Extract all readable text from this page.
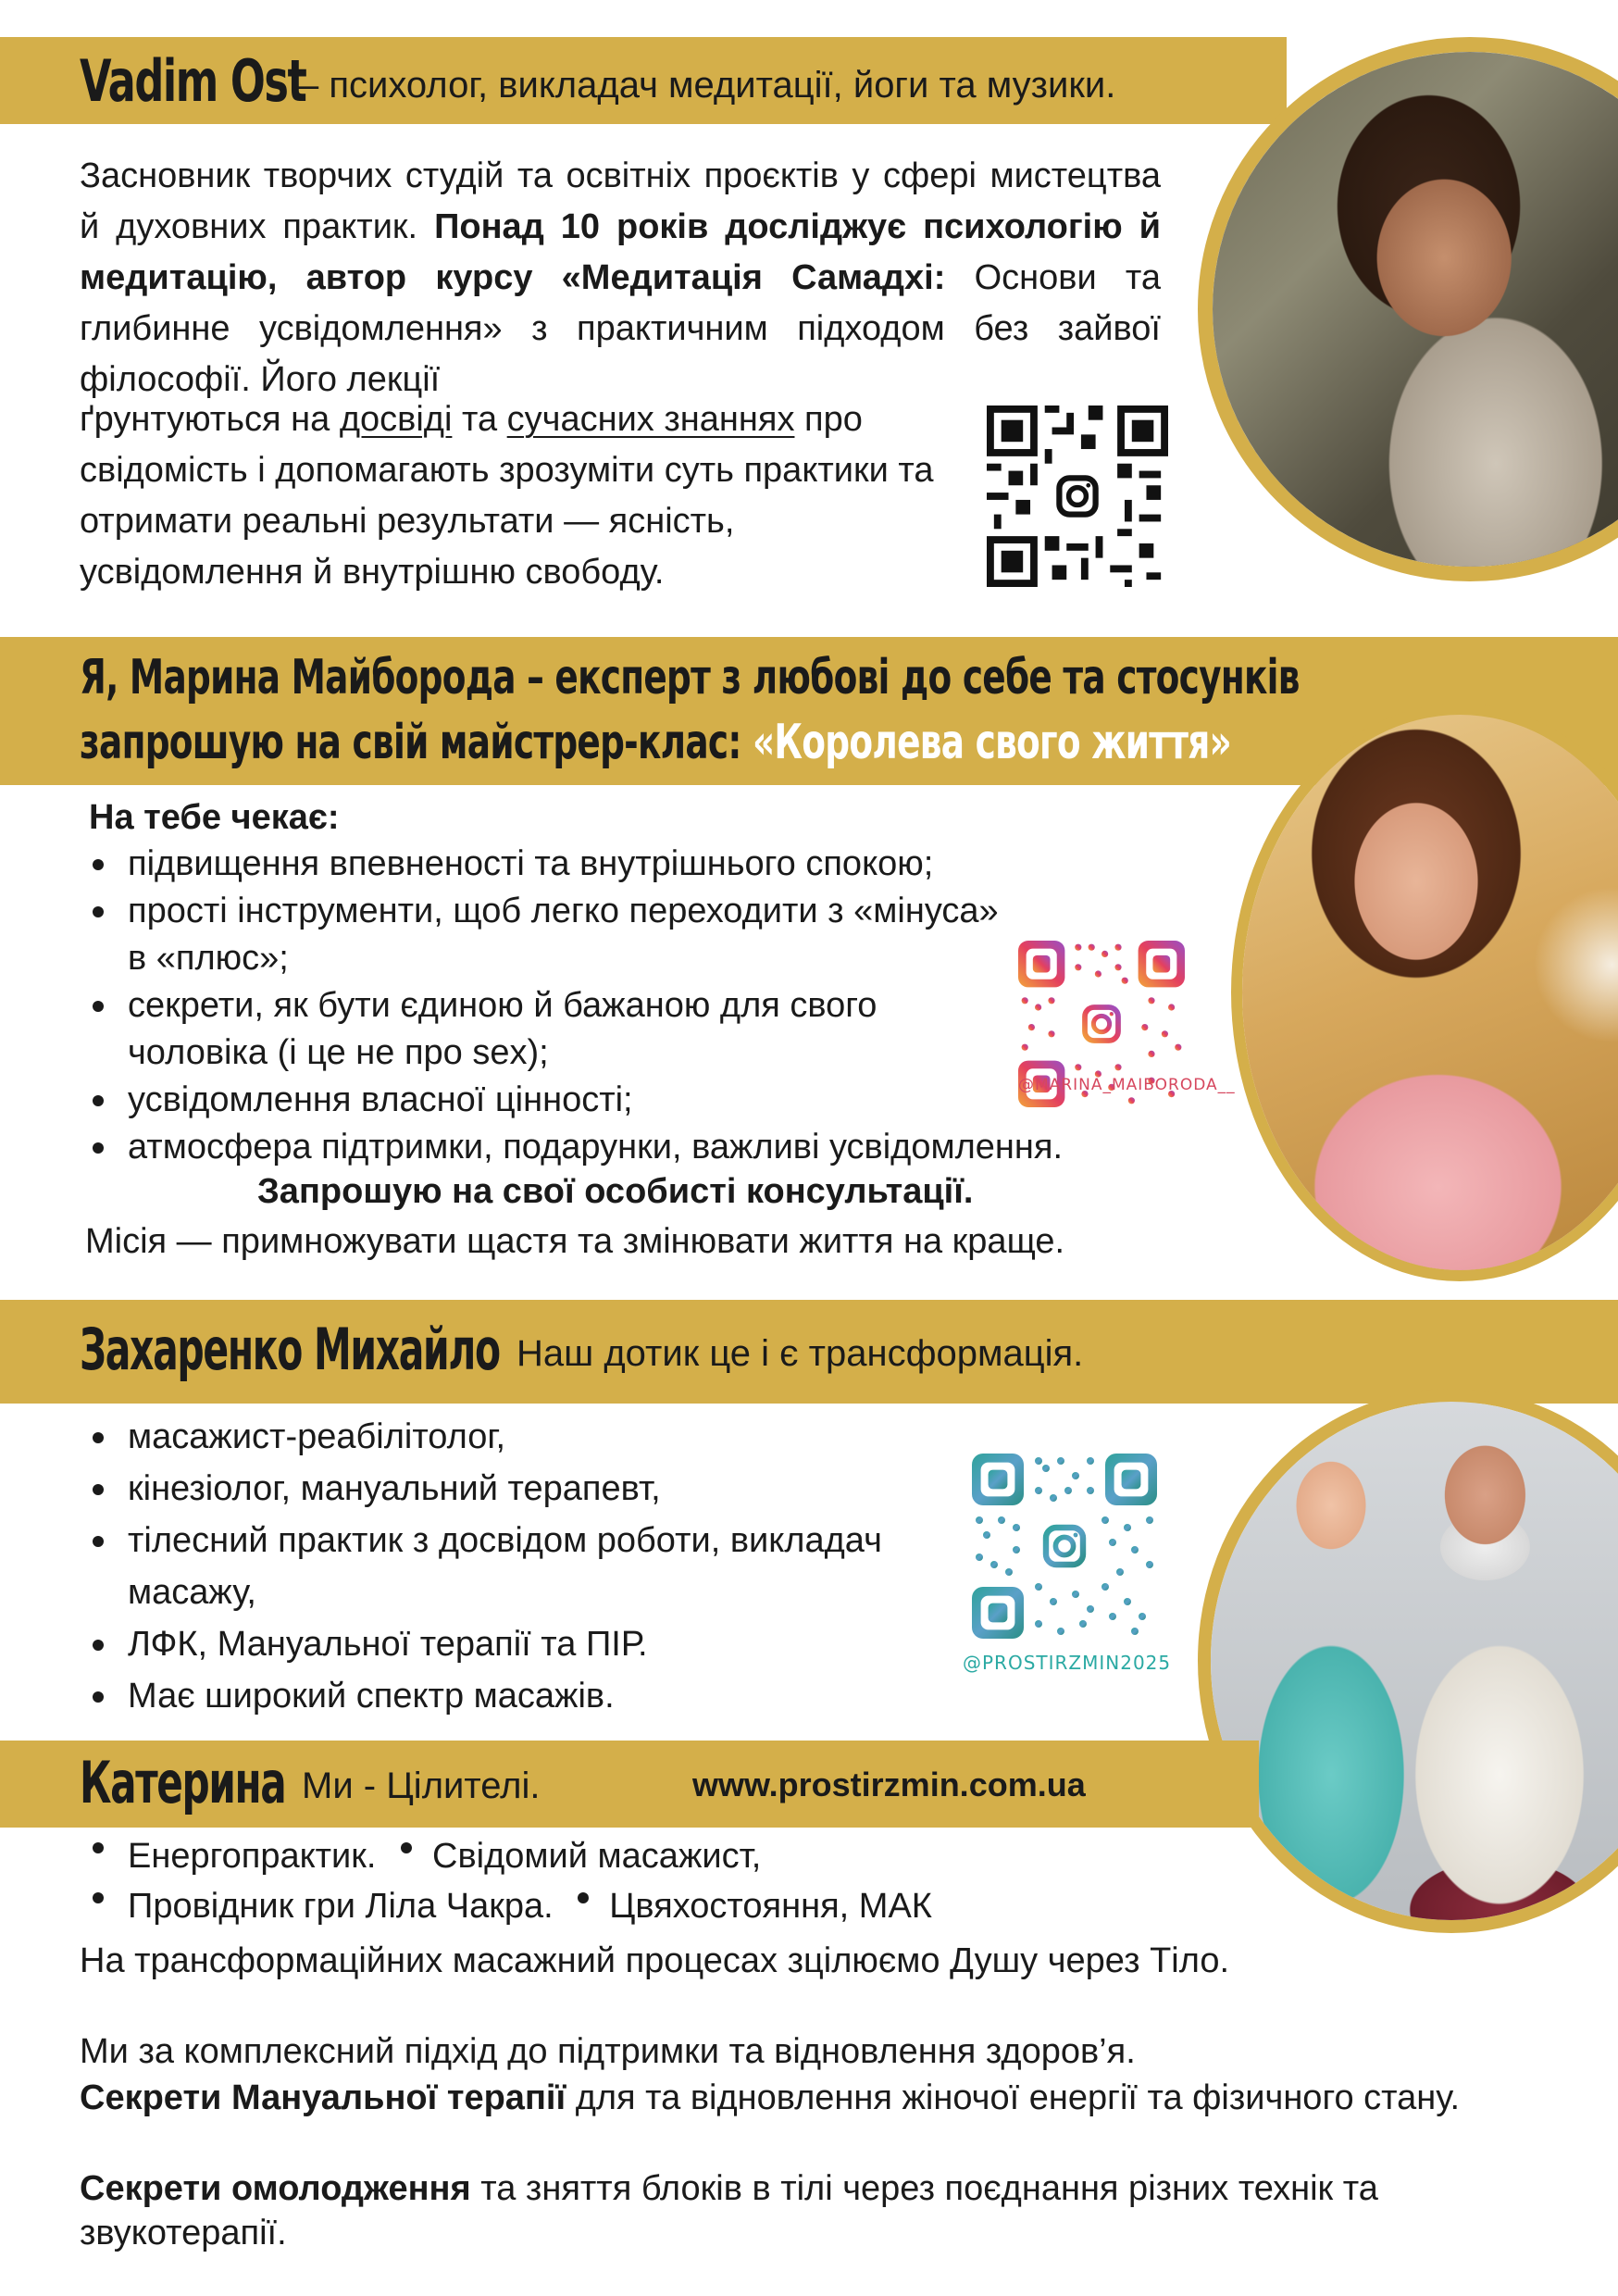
Vadim Ost
– психолог, викладач медитації, йоги та музики.
Засновник творчих студій та освітніх проєктів у сфері мистецтва й духовних практик. Понад 10 років досліджує психологію й медитацію, автор курсу «Медитація Самадхі: Основи та глибинне усвідомлення» з практичним підходом без зайвої філософії. Його лекції
ґрунтуються на досвіді та сучасних знаннях про свідомість і допомагають зрозуміти суть практики та отримати реальні результати — ясність, усвідомлення й внутрішню свободу.
Я, Марина Майборода – експерт з любові до себе та стосунків
запрошую на свій майстрер-клас: «Королева свого життя»
На тебе чекає:
підвищення впевненості та внутрішнього спокою;
прості інструменти, щоб легко переходити з «мінуса» в «плюс»;
секрети, як бути єдиною й бажаною для свого чоловіка (і це не про sex);
усвідомлення власної цінності;
атмосфера підтримки, подарунки, важливі усвідомлення.
Запрошую на свої особисті консультації.
Місія — примножувати щастя та змінювати життя на краще.
@MARINA_MAIBORODA__
Захаренко Михайло Наш дотик це і є трансформація.
масажист-реабілітолог,
кінезіолог, мануальний терапевт,
тілесний практик з досвідом роботи, викладач масажу,
ЛФК, Мануальної терапії та ПІР.
Має широкий спектр масажів.
@PROSTIRZMIN2025
Катерина Ми - Цілителі.	www.prostirzmin.com.ua
Енергопрактик. Свідомий масажист,
Провідник гри Ліла Чакра. Цвяхостояння, МАК
На трансформаційних масажний процесах зцілюємо Душу через Тіло.
Ми за комплексний підхід до підтримки та відновлення здоров’я.
Секрети Мануальної терапії для та відновлення жіночої енергії та фізичного стану.
Секрети омолодження та зняття блоків в тілі через поєднання різних технік та звукотерапії.
